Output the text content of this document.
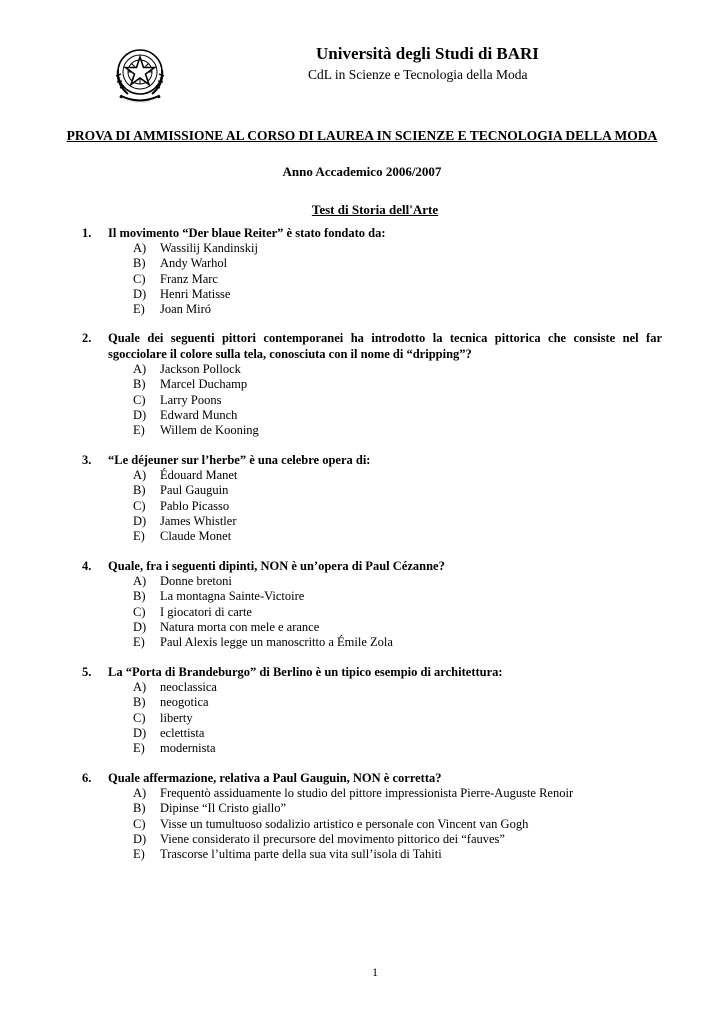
Università degli Studi di BARI
CdL in Scienze e Tecnologia della Moda
PROVA DI AMMISSIONE AL CORSO DI LAUREA IN SCIENZE E TECNOLOGIA DELLA MODA
Anno Accademico 2006/2007
Test di Storia dell'Arte
1.	Il movimento “Der blaue Reiter” è stato fondato da:
A)	Wassilij Kandinskij
B)	Andy Warhol
C)	Franz Marc
D)	Henri Matisse
E)	Joan Miró
2.	Quale dei seguenti pittori contemporanei ha introdotto la tecnica pittorica che consiste nel far sgocciolare il colore sulla tela, conosciuta con il nome di “dripping”?
A)	Jackson Pollock
B)	Marcel Duchamp
C)	Larry Poons
D)	Edward Munch
E)	Willem de Kooning
3.	“Le déjeuner sur l’herbe” è una celebre opera di:
A)	Édouard Manet
B)	Paul Gauguin
C)	Pablo Picasso
D)	James Whistler
E)	Claude Monet
4.	Quale, fra i seguenti dipinti, NON è un’opera di Paul Cézanne?
A)	Donne bretoni
B)	La montagna Sainte-Victoire
C)	I giocatori di carte
D)	Natura morta con mele e arance
E)	Paul Alexis legge un manoscritto a Émile Zola
5.	La “Porta di Brandeburgo” di Berlino è un tipico esempio di architettura:
A)	neoclassica
B)	neogotica
C)	liberty
D)	eclettista
E)	modernista
6.	Quale affermazione, relativa a Paul Gauguin, NON è corretta?
A)	Frequentò assiduamente lo studio del pittore impressionista Pierre-Auguste Renoir
B)	Dipinse “Il Cristo giallo”
C)	Visse un tumultuoso sodalizio artistico e personale con Vincent van Gogh
D)	Viene considerato il precursore del movimento pittorico dei “fauves”
E)	Trascorse l’ultima parte della sua vita sull’isola di Tahiti
1
